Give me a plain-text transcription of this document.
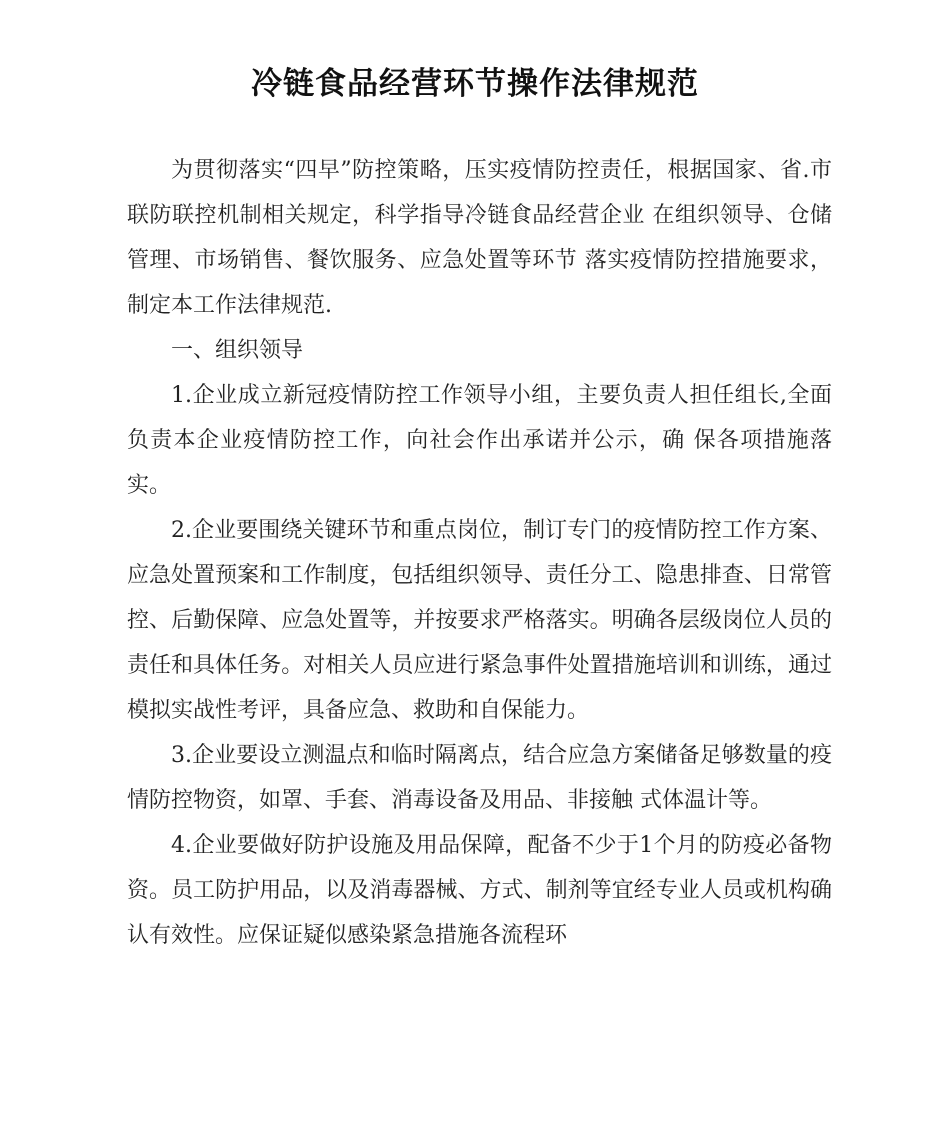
冷链食品经营环节操作法律规范

为贯彻落实“四早”防控策略，压实疫情防控责任，根据国家、省.市联防联控机制相关规定，科学指导冷链食品经营企业 在组织领导、仓储管理、市场销售、餐饮服务、应急处置等环节 落实疫情防控措施要求，制定本工作法律规范.

一、组织领导

1.企业成立新冠疫情防控工作领导小组，主要负责人担任组长,全面负责本企业疫情防控工作，向社会作出承诺并公示，确 保各项措施落实。

2.企业要围绕关键环节和重点岗位，制订专门的疫情防控工作方案、应急处置预案和工作制度，包括组织领导、责任分工、隐患排查、日常管控、后勤保障、应急处置等，并按要求严格落实。明确各层级岗位人员的责任和具体任务。对相关人员应进行紧急事件处置措施培训和训练，通过模拟实战性考评，具备应急、救助和自保能力。

3.企业要设立测温点和临时隔离点，结合应急方案储备足够数量的疫情防控物资，如罩、手套、消毒设备及用品、非接触 式体温计等。

4.企业要做好防护设施及用品保障，配备不少于1个月的防疫必备物资。员工防护用品，以及消毒器械、方式、制剂等宜经专业人员或机构确认有效性。应保证疑似感染紧急措施各流程环
